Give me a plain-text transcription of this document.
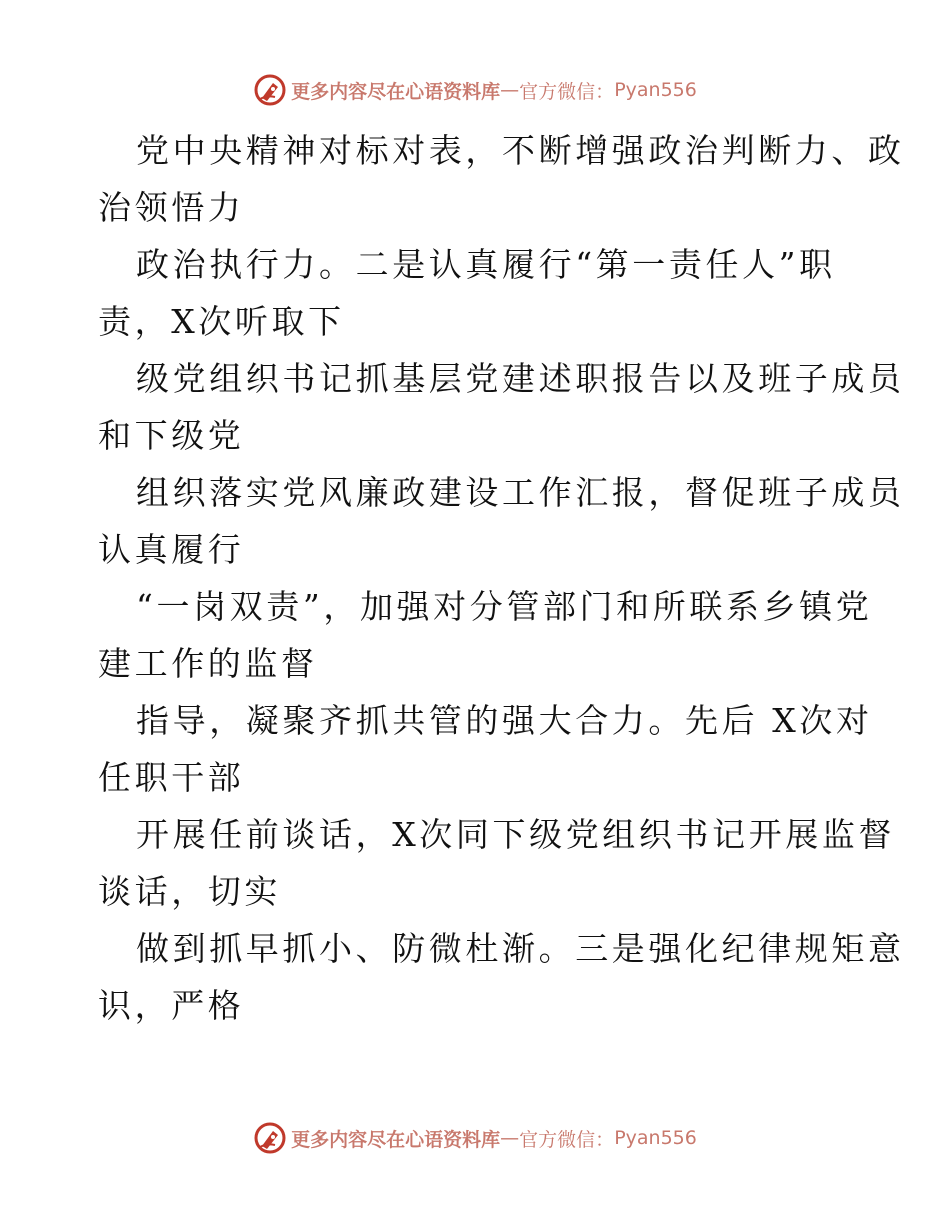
更多内容尽在心语资料库 — 官方微信： Pyan556
党中央精神对标对表，不断增强政治判断力、政
治领悟力
政治执行力。二是认真履行“第一责任人”职
责，X次听取下
级党组织书记抓基层党建述职报告以及班子成员
和下级党
组织落实党风廉政建设工作汇报，督促班子成员
认真履行
“一岗双责”，加强对分管部门和所联系乡镇党
建工作的监督
指导，凝聚齐抓共管的强大合力。先后 X次对
任职干部
开展任前谈话，X次同下级党组织书记开展监督
谈话，切实
做到抓早抓小、防微杜渐。三是强化纪律规矩意
识，严格
更多内容尽在心语资料库 — 官方微信： Pyan556
